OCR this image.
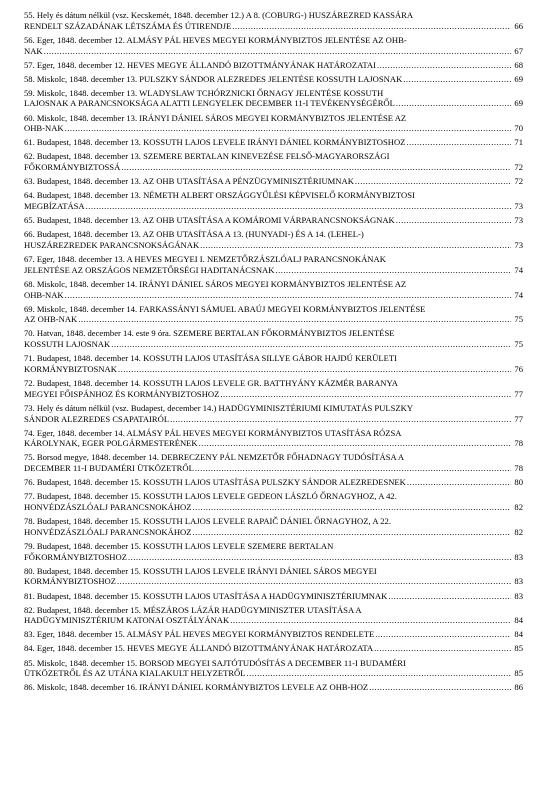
55. Hely és dátum nélkül (vsz. Kecskemét, 1848. december 12.) A 8. (COBURG-) HUSZÁREZRED KASSÁRA
RENDELT SZÁZADÁNAK LÉTSZÁMA ÉS ÚTIRENDJE .....	66
56. Eger, 1848. december 12. ALMÁSY PÁL HEVES MEGYEI KORMÁNYBIZTOS JELENTÉSE AZ OHB-
NAK .....	67
57. Eger, 1848. december 12. HEVES MEGYE ÁLLANDÓ BIZOTTMÁNYÁNAK HATÁROZATAI .....	68
58. Miskolc, 1848. december 13. PULSZKY SÁNDOR ALEZREDES JELENTÉSE KOSSUTH LAJOSNAK .....	69
59. Miskolc, 1848. december 13. WLADYSLAW TCHÓRZNICKI ŐRNAGY JELENTÉSE KOSSUTH
LAJOSNAK A PARANCSNOKSÁGA ALATTI LENGYELEK DECEMBER 11-I TEVÉKENYSÉGÉRŐL .....	69
60. Miskolc, 1848. december 13. IRÁNYI DÁNIEL SÁROS MEGYEI KORMÁNYBIZTOS JELENTÉSE AZ
OHB-NAK .....	70
61. Budapest, 1848. december 13. KOSSUTH LAJOS LEVELE IRÁNYI DÁNIEL KORMÁNYBIZTOSHOZ .....	71
62. Budapest, 1848. december 13. SZEMERE BERTALAN KINEVEZÉSE FELSŐ-MAGYARORSZÁGI
FŐKORMÁNYBIZTOSSÁ .....	72
63. Budapest, 1848. december 13. AZ OHB UTASÍTÁSA A PÉNZÜGYMINISZTÉRIUMNAK .....	72
64. Budapest, 1848. december 13. NÉMETH ALBERT ORSZÁGGYŰLÉSI KÉPVISELŐ KORMÁNYBIZTOSI
MEGBÍZATÁSA .....	73
65. Budapest, 1848. december 13. AZ OHB UTASÍTÁSA A KOMÁROMI VÁRPARANCSNOKSÁGNAK .....	73
66. Budapest, 1848. december 13. AZ OHB UTASÍTÁSA A 13. (HUNYADI-) ÉS A 14. (LEHEL-)
HUSZÁREZREDEK PARANCSNOKSÁGÁNAK .....	73
67. Eger, 1848. december 13. A HEVES MEGYEI I. NEMZETŐRZÁSZLÓALJ PARANCSNOKÁNAK
JELENTÉSE AZ ORSZÁGOS NEMZETŐRSÉGI HADITANÁCSNAK .....	74
68. Miskolc, 1848. december 14. IRÁNYI DÁNIEL SÁROS MEGYEI KORMÁNYBIZTOS JELENTÉSE AZ
OHB-NAK .....	74
69. Miskolc, 1848. december 14. FARKASSÁNYI SÁMUEL ABAÚJ MEGYEI KORMÁNYBIZTOS JELENTÉSE
AZ OHB-NAK .....	75
70. Hatvan, 1848. december 14. este 9 óra. SZEMERE BERTALAN FŐKORMÁNYBIZTOS JELENTÉSE
KOSSUTH LAJOSNAK .....	75
71. Budapest, 1848. december 14. KOSSUTH LAJOS UTASÍTÁSA SILLYE GÁBOR HAJDÚ KERÜLETI
KORMÁNYBIZTOSNAK .....	76
72. Budapest, 1848. december 14. KOSSUTH LAJOS LEVELE GR. BATTHYÁNY KÁZMÉR BARANYA
MEGYEI FŐISPÁNHOZ ÉS KORMÁNYBIZTOSHOZ .....	77
73. Hely és dátum nélkül (vsz. Budapest, december 14.) HADÜGYMINISZTÉRIUMI KIMUTATÁS PULSZKY
SÁNDOR ALEZREDES CSAPATAIRÓL .....	77
74. Eger, 1848. december 14. ALMÁSY PÁL HEVES MEGYEI KORMÁNYBIZTOS UTASÍTÁSA RÓZSA
KÁROLYNAK, EGER POLGÁRMESTERÉNEK .....	78
75. Borsod megye, 1848. december 14. DEBRECZENY PÁL NEMZETŐR FŐHADNAGY TUDÓSÍTÁSA A
DECEMBER 11-I BUDAMÉRI ÜTKÖZETRŐL .....	78
76. Budapest, 1848. december 15. KOSSUTH LAJOS UTASÍTÁSA PULSZKY SÁNDOR ALEZREDESNEK .....	80
77. Budapest, 1848. december 15. KOSSUTH LAJOS LEVELE GEDEON LÁSZLÓ ŐRNAGYHOZ, A 42.
HONVÉDZÁSZLÓALJ PARANCSNOKÁHOZ .....	82
78. Budapest, 1848. december 15. KOSSUTH LAJOS LEVELE RAPAIČ DÁNIEL ŐRNAGYHOZ, A 22.
HONVÉDZÁSZLÓALJ PARANCSNOKÁHOZ .....	82
79. Budapest, 1848. december 15. KOSSUTH LAJOS LEVELE SZEMERE BERTALAN
FŐKORMÁNYBIZTOSHOZ .....	83
80. Budapest, 1848. december 15. KOSSUTH LAJOS LEVELE IRÁNYI DÁNIEL SÁROS MEGYEI
KORMÁNYBIZTOSHOZ .....	83
81. Budapest, 1848. december 15. KOSSUTH LAJOS UTASÍTÁSA A HADÜGYMINISZTÉRIUMNAK .....	83
82. Budapest, 1848. december 15. MÉSZÁROS LÁZÁR HADÜGYMINISZTER UTASÍTÁSA A
HADÜGYMINISZTÉRIUM KATONAI OSZTÁLYÁNAK .....	84
83. Eger, 1848. december 15. ALMÁSY PÁL HEVES MEGYEI KORMÁNYBIZTOS RENDELETE .....	84
84. Eger, 1848. december 15. HEVES MEGYE ÁLLANDÓ BIZOTTMÁNYÁNAK HATÁROZATA .....	85
85. Miskolc, 1848. december 15. BORSOD MEGYEI SAJTÓTUDÓSÍTÁS A DECEMBER 11-I BUDAMÉRI
ÜTKÖZETRŐL ÉS AZ UTÁNA KIALAKULT HELYZETRŐL .....	85
86. Miskolc, 1848. december 16. IRÁNYI DÁNIEL KORMÁNYBIZTOS LEVELE AZ OHB-HOZ .....	86
